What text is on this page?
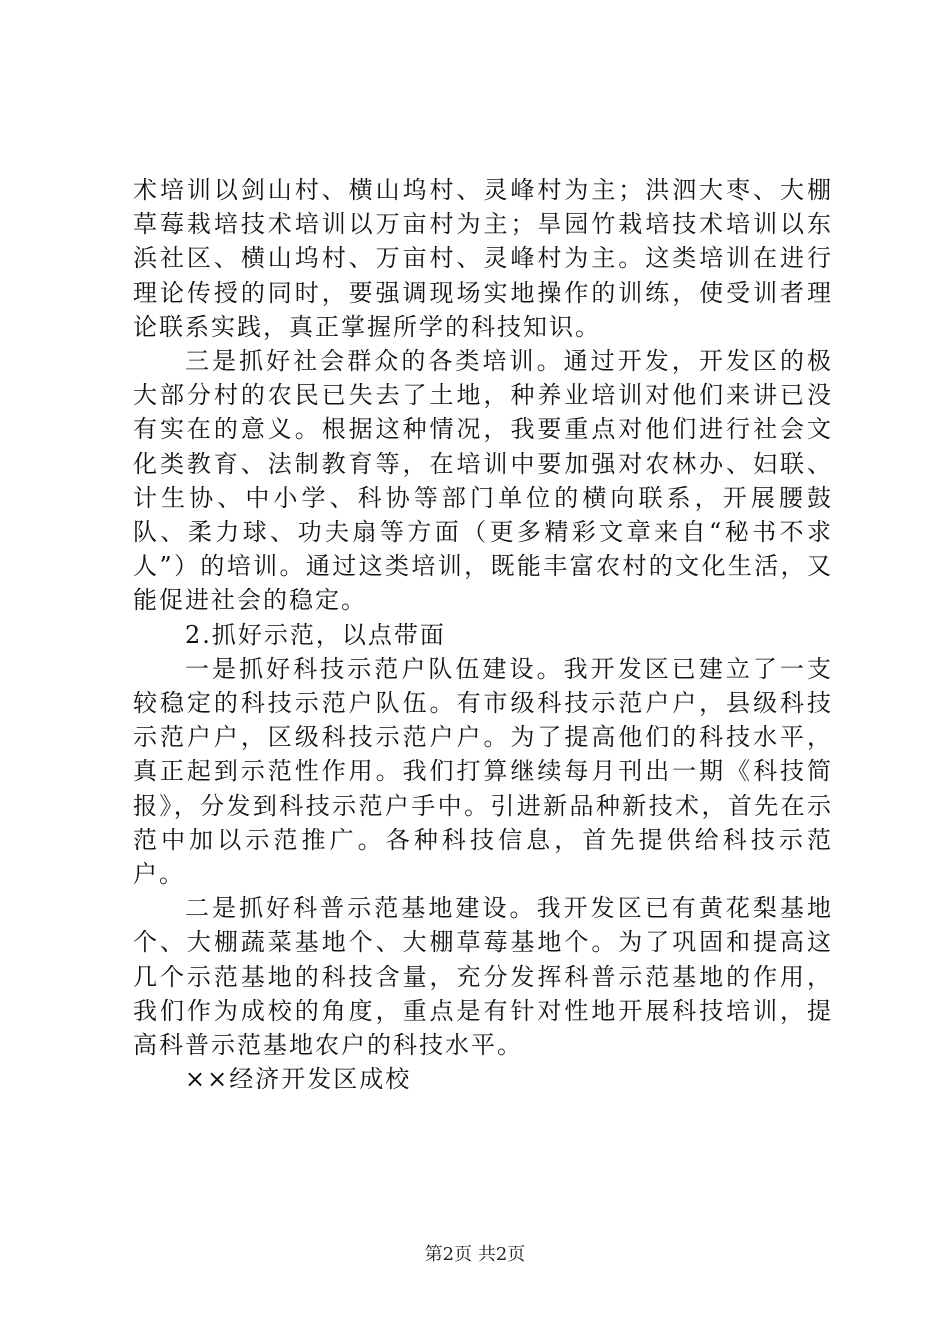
术培训以剑山村、横山坞村、灵峰村为主；洪泗大枣、大棚草莓栽培技术培训以万亩村为主；旱园竹栽培技术培训以东浜社区、横山坞村、万亩村、灵峰村为主。这类培训在进行理论传授的同时，要强调现场实地操作的训练，使受训者理论联系实践，真正掌握所学的科技知识。

三是抓好社会群众的各类培训。通过开发，开发区的极大部分村的农民已失去了土地，种养业培训对他们来讲已没有实在的意义。根据这种情况，我要重点对他们进行社会文化类教育、法制教育等，在培训中要加强对农林办、妇联、计生协、中小学、科协等部门单位的横向联系，开展腰鼓队、柔力球、功夫扇等方面（更多精彩文章来自“秘书不求人”）的培训。通过这类培训，既能丰富农村的文化生活，又能促进社会的稳定。

2.抓好示范，以点带面

一是抓好科技示范户队伍建设。我开发区已建立了一支较稳定的科技示范户队伍。有市级科技示范户户，县级科技示范户户，区级科技示范户户。为了提高他们的科技水平，真正起到示范性作用。我们打算继续每月刊出一期《科技简报》，分发到科技示范户手中。引进新品种新技术，首先在示范中加以示范推广。各种科技信息，首先提供给科技示范户。

二是抓好科普示范基地建设。我开发区已有黄花梨基地个、大棚蔬菜基地个、大棚草莓基地个。为了巩固和提高这几个示范基地的科技含量，充分发挥科普示范基地的作用，我们作为成校的角度，重点是有针对性地开展科技培训，提高科普示范基地农户的科技水平。

××经济开发区成校

第2页 共2页
